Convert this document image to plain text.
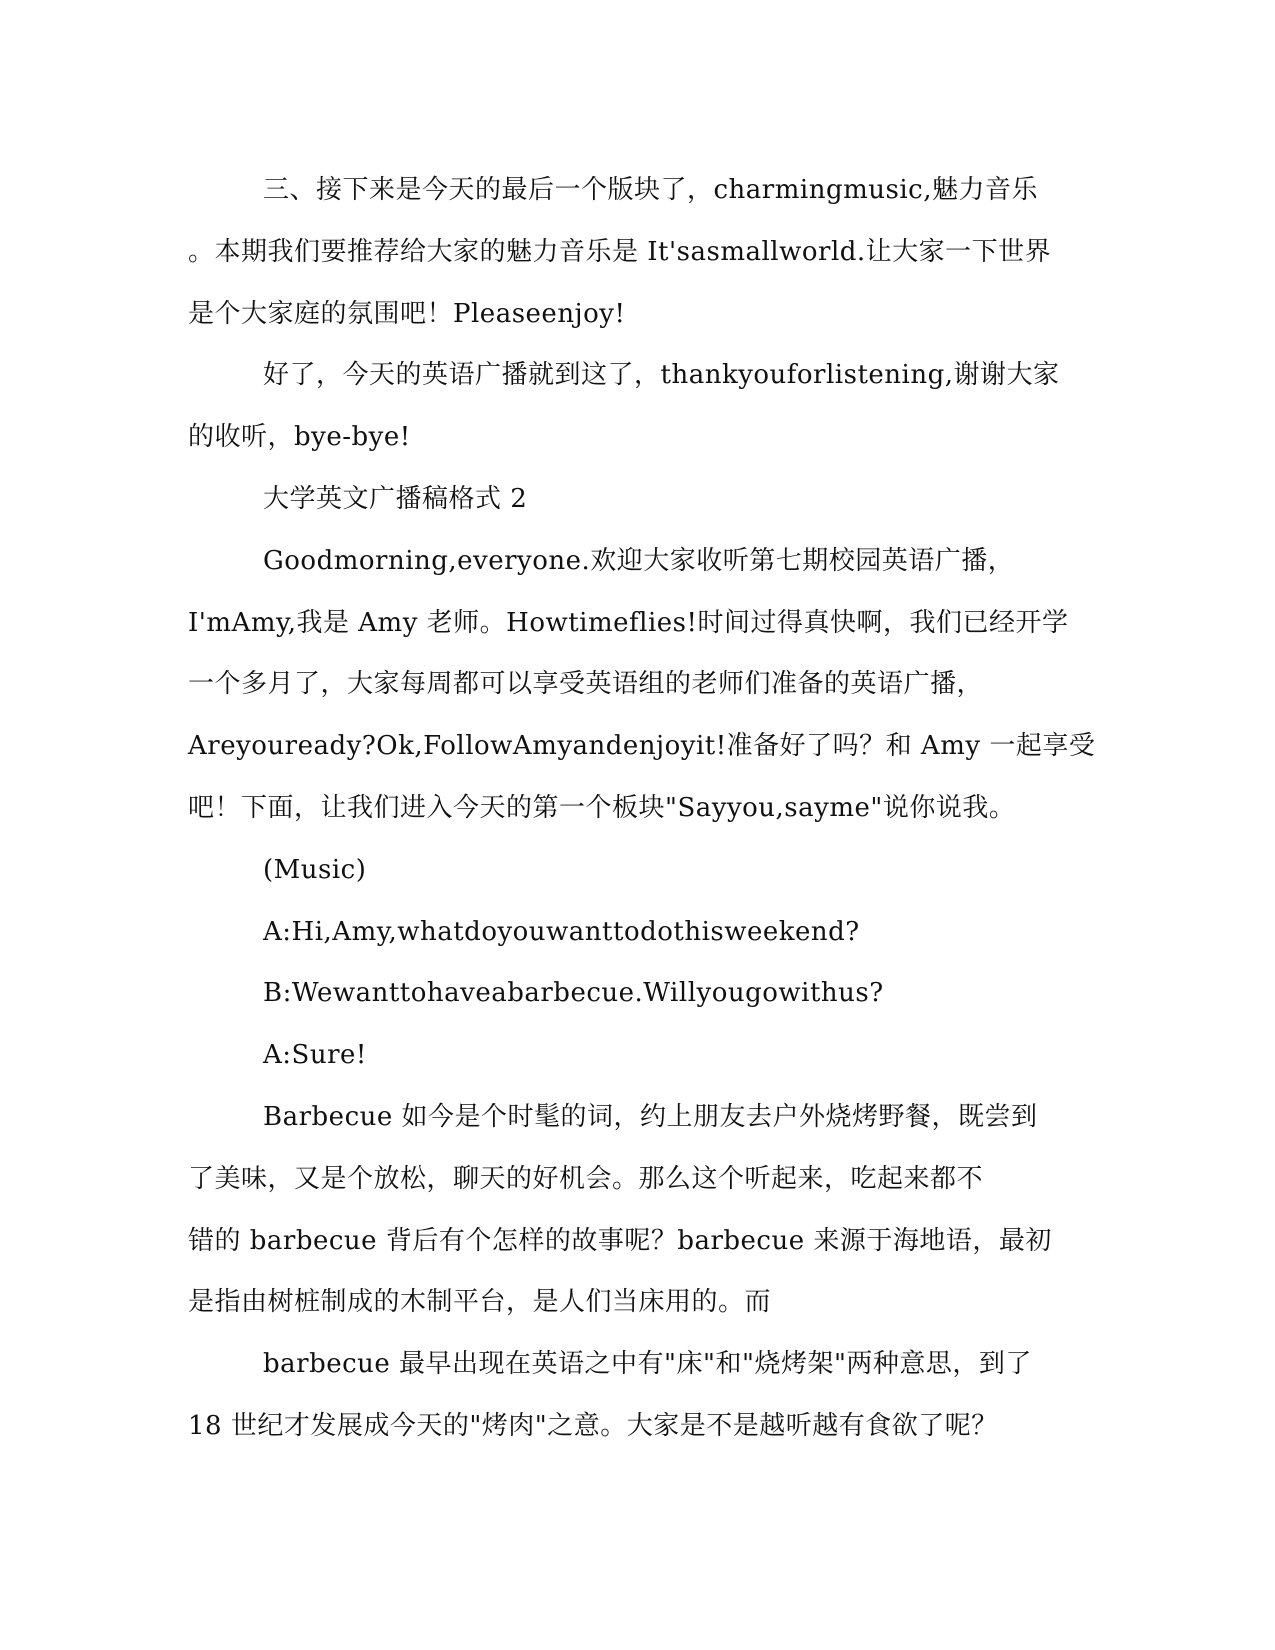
三、接下来是今天的最后一个版块了，charmingmusic,魅力音乐
。本期我们要推荐给大家的魅力音乐是 It'sasmallworld.让大家一下世界
是个大家庭的氛围吧！Pleaseenjoy!
好了，今天的英语广播就到这了，thankyouforlistening,谢谢大家
的收听，bye-bye!
大学英文广播稿格式 2
Goodmorning,everyone.欢迎大家收听第七期校园英语广播，
I'mAmy,我是 Amy 老师。Howtimeflies!时间过得真快啊，我们已经开学
一个多月了，大家每周都可以享受英语组的老师们准备的英语广播，
Areyouready?Ok,FollowAmyandenjoyit!准备好了吗？和 Amy 一起享受
吧！下面，让我们进入今天的第一个板块"Sayyou,sayme"说你说我。
(Music)
A:Hi,Amy,whatdoyouwanttodothisweekend?
B:Wewanttohaveabarbecue.Willyougowithus?
A:Sure!
Barbecue 如今是个时髦的词，约上朋友去户外烧烤野餐，既尝到
了美味，又是个放松，聊天的好机会。那么这个听起来，吃起来都不
错的 barbecue 背后有个怎样的故事呢？barbecue 来源于海地语，最初
是指由树桩制成的木制平台，是人们当床用的。而
barbecue 最早出现在英语之中有"床"和"烧烤架"两种意思，到了
18 世纪才发展成今天的"烤肉"之意。大家是不是越听越有食欲了呢？
